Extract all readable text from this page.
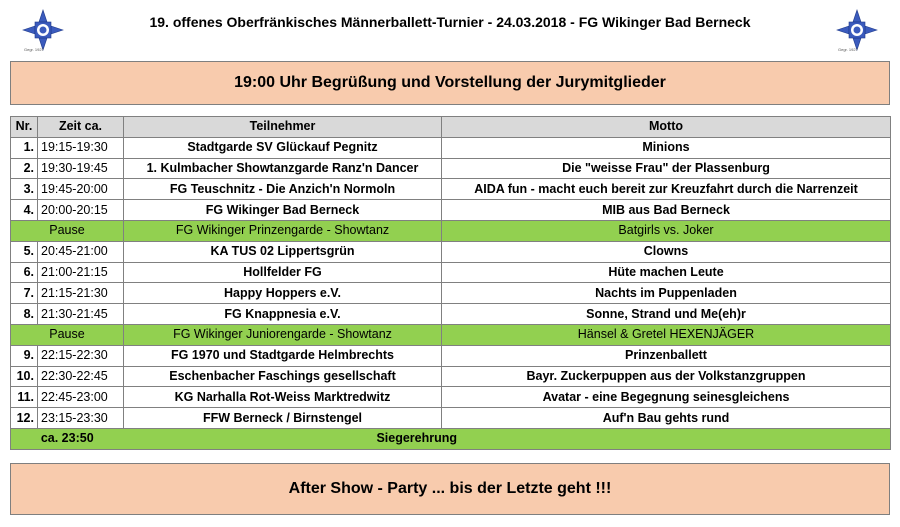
Gegr. 1927
19. offenes Oberfränkisches Männerballett-Turnier - 24.03.2018 - FG Wikinger Bad Berneck
Gegr. 1927
19:00 Uhr Begrüßung und Vorstellung der Jurymitglieder
Nr.	Zeit ca.	Teilnehmer	Motto
1.	19:15-19:30	Stadtgarde SV Glückauf Pegnitz	Minions
2.	19:30-19:45	1. Kulmbacher Showtanzgarde Ranz'n Dancer	Die "weisse Frau" der Plassenburg
3.	19:45-20:00	FG Teuschnitz - Die Anzich'n Normoln	AIDA fun - macht euch bereit zur Kreuzfahrt durch die Narrenzeit
4.	20:00-20:15	FG Wikinger Bad Berneck	MIB aus Bad Berneck
Pause		FG Wikinger Prinzengarde - Showtanz	Batgirls vs. Joker
5.	20:45-21:00	KA TUS 02 Lippertsgrün	Clowns
6.	21:00-21:15	Hollfelder FG	Hüte machen Leute
7.	21:15-21:30	Happy Hoppers e.V.	Nachts im Puppenladen
8.	21:30-21:45	FG Knappnesia e.V.	Sonne, Strand und Me(eh)r
Pause		FG Wikinger Juniorengarde - Showtanz	Hänsel & Gretel HEXENJÄGER
9.	22:15-22:30	FG 1970 und Stadtgarde Helmbrechts	Prinzenballett
10.	22:30-22:45	Eschenbacher Faschings gesellschaft	Bayr. Zuckerpuppen aus der Volkstanzgruppen
11.	22:45-23:00	KG Narhalla Rot-Weiss Marktredwitz	Avatar - eine Begegnung seinesgleichens
12.	23:15-23:30	FFW Berneck / Birnstengel	Auf'n Bau gehts rund
ca. 23:50		Siegerehrung	
After Show - Party ... bis der Letzte geht !!!
